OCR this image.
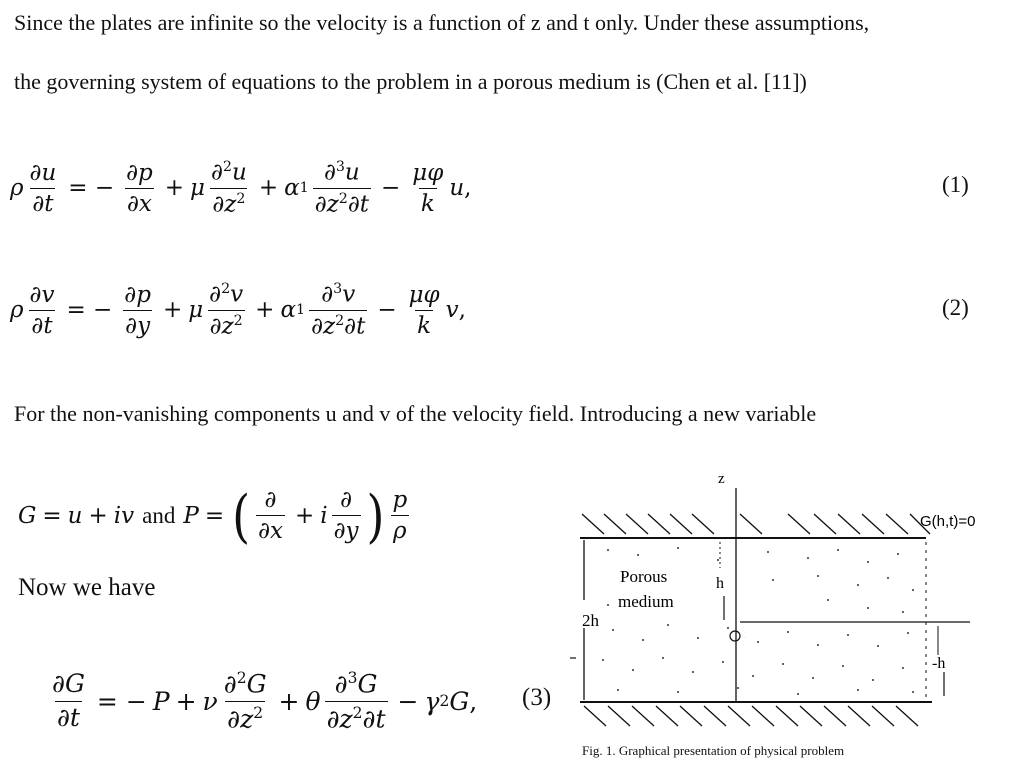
Since the plates are infinite so the velocity is a function of z and t only. Under these assumptions,
the governing system of equations to the problem in a porous medium is (Chen et al. [11])
ρ $\frac{\partial u}{\partial t}$ = − $\frac{\partial p}{\partial x} + \mu \frac{\partial^2u}{\partial z^2} + \alpha$ $1 \frac{\partial^3u}{\partial z^2\partial t} - \frac{\mu\varphi}{k}$ u ,	(1)
ρ $\frac{\partial v}{\partial t}$ = − $\frac{\partial p}{\partial y} + \mu \frac{\partial^2v}{\partial z^2} + \alpha$ $1 \frac{\partial^3v}{\partial z^2\partial t} - \frac{\mu\varphi}{k}$ v ,	(2)
For the non-vanishing components u and v of the velocity field. Introducing a new variable
G = u + iv and P = ( $\frac{\partial}{\partial x} + i \frac{\partial}{\partial y}$ ) $\frac{p}{\rho}$
Now we have
$\frac{\partial G}{\partial t}$ = − P + ν $\frac{\partial^2G}{\partial z^2} + \theta \frac{\partial^3G}{\partial z^2\partial t} - \gamma$ 2 G , (3)
z
G(h,t)=0
Porous
medium
h
2h
O
-h
Fig. 1. Graphical presentation of physical problem
